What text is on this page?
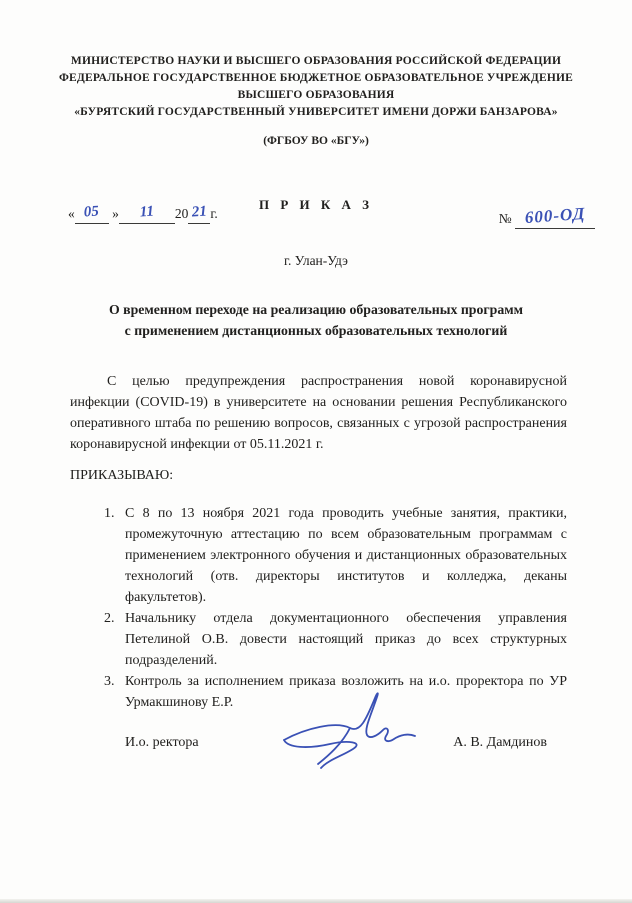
МИНИСТЕРСТВО НАУКИ И ВЫСШЕГО ОБРАЗОВАНИЯ РОССИЙСКОЙ ФЕДЕРАЦИИ
ФЕДЕРАЛЬНОЕ ГОСУДАРСТВЕННОЕ БЮДЖЕТНОЕ ОБРАЗОВАТЕЛЬНОЕ УЧРЕЖДЕНИЕ
ВЫСШЕГО ОБРАЗОВАНИЯ
«БУРЯТСКИЙ ГОСУДАРСТВЕННЫЙ УНИВЕРСИТЕТ ИМЕНИ ДОРЖИ БАНЗАРОВА»
(ФГБОУ ВО «БГУ»)
П Р И К А З
« 05 » 11 20 21 г.	№ 600-ОД
г. Улан-Удэ
О временном переходе на реализацию образовательных программ
с применением дистанционных образовательных технологий
С целью предупреждения распространения новой коронавирусной инфекции (COVID-19) в университете на основании решения Республиканского оперативного штаба по решению вопросов, связанных с угрозой распространения коронавирусной инфекции от 05.11.2021 г.
ПРИКАЗЫВАЮ:
1. С 8 по 13 ноября 2021 года проводить учебные занятия, практики, промежуточную аттестацию по всем образовательным программам с применением электронного обучения и дистанционных образовательных технологий (отв. директоры институтов и колледжа, деканы факультетов).
2. Начальнику отдела документационного обеспечения управления Петелиной О.В. довести настоящий приказ до всех структурных подразделений.
3. Контроль за исполнением приказа возложить на и.о. проректора по УР Урмакшинову Е.Р.
И.о. ректора	А. В. Дамдинов
